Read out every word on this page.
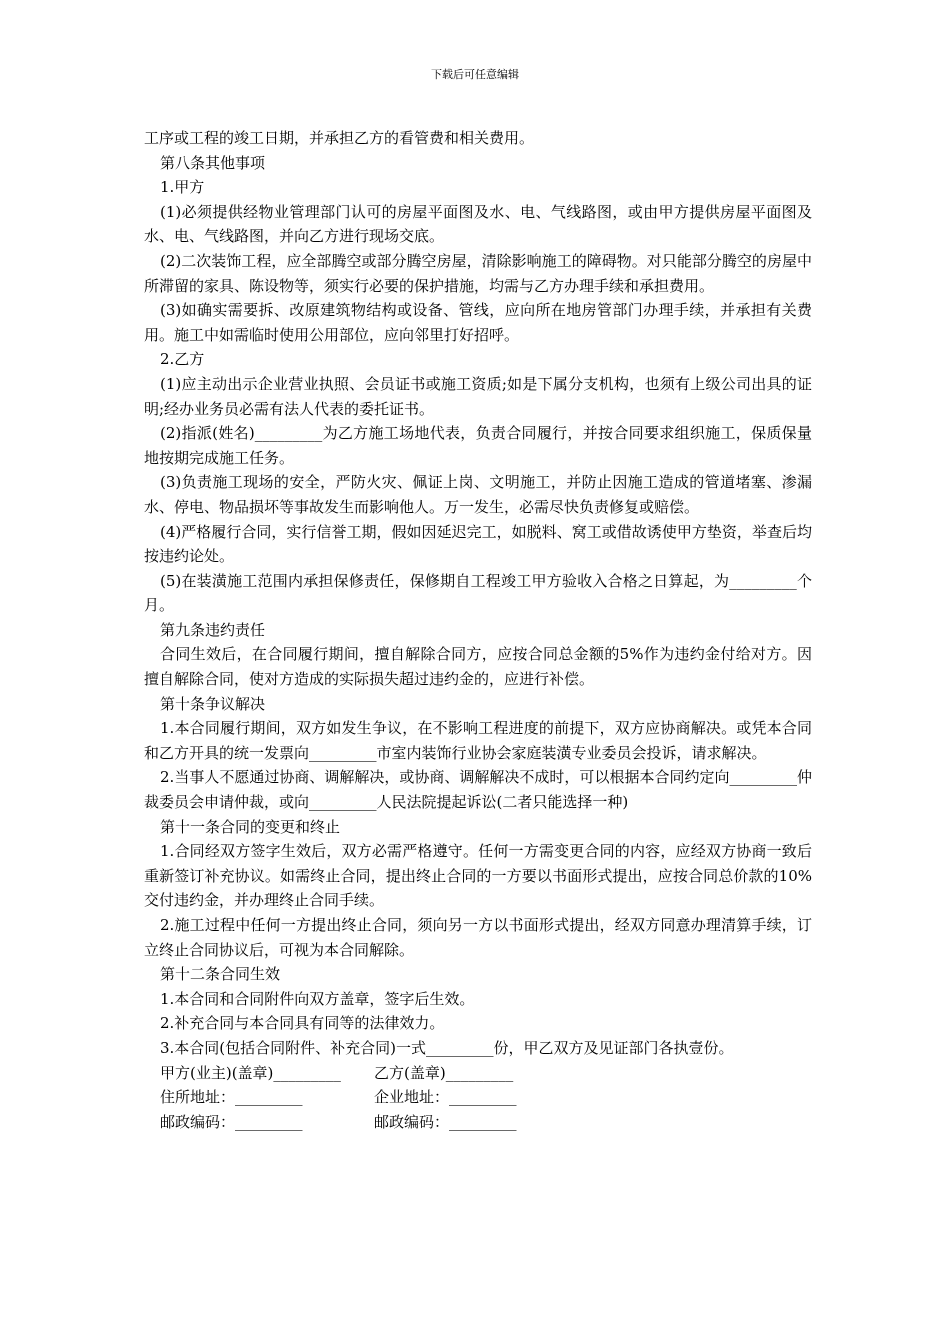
下载后可任意编辑

工序或工程的竣工日期，并承担乙方的看管费和相关费用。

第八条其他事项

1.甲方

(1)必须提供经物业管理部门认可的房屋平面图及水、电、气线路图，或由甲方提供房屋平面图及水、电、气线路图，并向乙方进行现场交底。

(2)二次装饰工程，应全部腾空或部分腾空房屋，清除影响施工的障碍物。对只能部分腾空的房屋中所滞留的家具、陈设物等，须实行必要的保护措施，均需与乙方办理手续和承担费用。

(3)如确实需要拆、改原建筑物结构或设备、管线，应向所在地房管部门办理手续，并承担有关费用。施工中如需临时使用公用部位，应向邻里打好招呼。

2.乙方

(1)应主动出示企业营业执照、会员证书或施工资质;如是下属分支机构，也须有上级公司出具的证明;经办业务员必需有法人代表的委托证书。

(2)指派(姓名)_________为乙方施工场地代表，负责合同履行，并按合同要求组织施工，保质保量地按期完成施工任务。

(3)负责施工现场的安全，严防火灾、佩证上岗、文明施工，并防止因施工造成的管道堵塞、渗漏水、停电、物品损坏等事故发生而影响他人。万一发生，必需尽快负责修复或赔偿。

(4)严格履行合同，实行信誉工期，假如因延迟完工，如脱料、窝工或借故诱使甲方垫资，举查后均按违约论处。

(5)在装潢施工范围内承担保修责任，保修期自工程竣工甲方验收入合格之日算起，为_________个月。

第九条违约责任

合同生效后，在合同履行期间，擅自解除合同方，应按合同总金额的5%作为违约金付给对方。因擅自解除合同，使对方造成的实际损失超过违约金的，应进行补偿。

第十条争议解决

1.本合同履行期间，双方如发生争议，在不影响工程进度的前提下，双方应协商解决。或凭本合同和乙方开具的统一发票向_________市室内装饰行业协会家庭装潢专业委员会投诉，请求解决。

2.当事人不愿通过协商、调解解决，或协商、调解解决不成时，可以根据本合同约定向_________仲裁委员会申请仲裁，或向_________人民法院提起诉讼(二者只能选择一种)

第十一条合同的变更和终止

1.合同经双方签字生效后，双方必需严格遵守。任何一方需变更合同的内容，应经双方协商一致后重新签订补充协议。如需终止合同，提出终止合同的一方要以书面形式提出，应按合同总价款的10%交付违约金，并办理终止合同手续。

2.施工过程中任何一方提出终止合同，须向另一方以书面形式提出，经双方同意办理清算手续，订立终止合同协议后，可视为本合同解除。

第十二条合同生效

1.本合同和合同附件向双方盖章，签字后生效。

2.补充合同与本合同具有同等的法律效力。

3.本合同(包括合同附件、补充合同)一式_________份，甲乙双方及见证部门各执壹份。

甲方(业主)(盖章)_________	乙方(盖章)_________
住所地址：_________	企业地址：_________
邮政编码：_________	邮政编码：_________
